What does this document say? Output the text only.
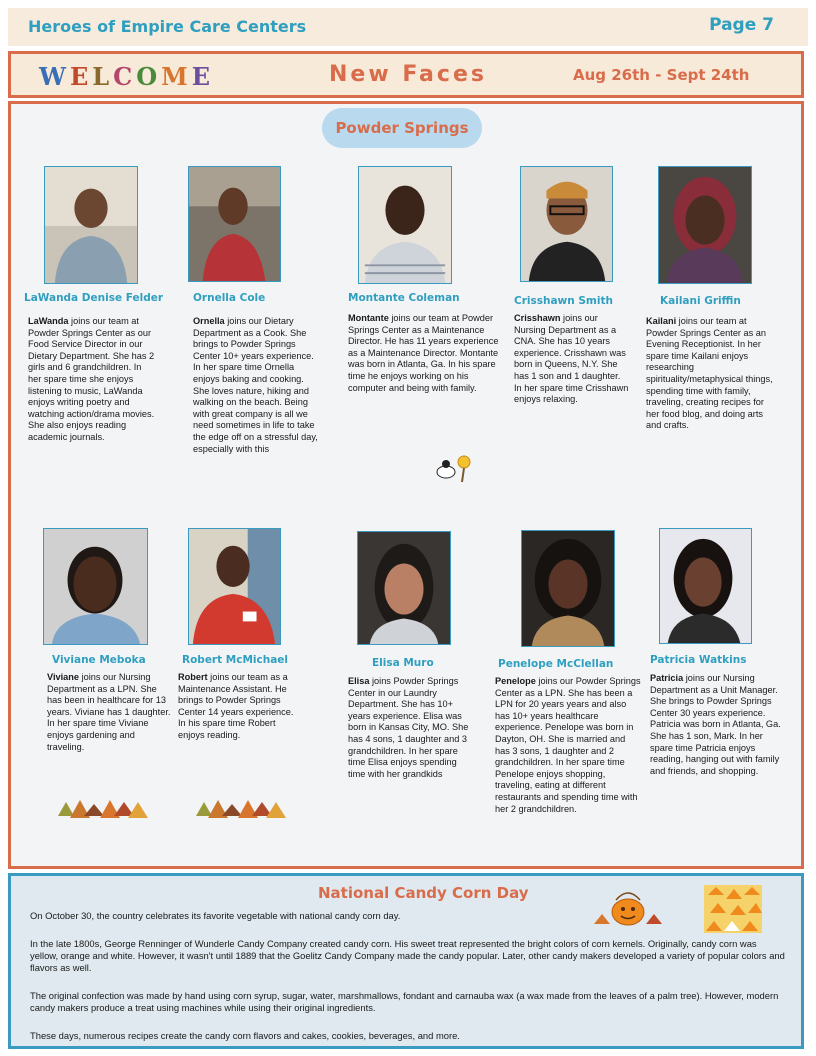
Heroes of Empire Care Centers	Page 7
WELCOME	New Faces	Aug 26th - Sept 24th
Powder Springs
LaWanda Denise Felder	Ornella Cole	Montante Coleman	Crisshawn Smith	Kailani Griffin
LaWanda joins our team at Powder Springs Center as our Food Service Director in our Dietary Department. She has 2 girls and 6 grandchildren. In her spare time she enjoys listening to music, LaWanda enjoys writing poetry and watching action/drama movies. She also enjoys reading academic journals.
Ornella joins our Dietary Department as a Cook. She brings to Powder Springs Center 10+ years experience. In her spare time Ornella enjoys baking and cooking. She loves nature, hiking and walking on the beach. Being with great company is all we need sometimes in life to take the edge off on a stressful day, especially with this
Montante joins our team at Powder Springs Center as a Maintenance Director. He has 11 years experience as a Maintenance Director. Montante was born in Atlanta, Ga. In his spare time he enjoys working on his computer and being with family.
Crisshawn joins our Nursing Department as a CNA. She has 10 years experience. Crisshawn was born in Queens, N.Y. She has 1 son and 1 daughter. In her spare time Crisshawn enjoys relaxing.
Kailani joins our team at Powder Springs Center as an Evening Receptionist. In her spare time Kailani enjoys researching spirituality/metaphysical things, spending time with family, traveling, creating recipes for her food blog, and doing arts and crafts.
Viviane Meboka	Robert McMichael	Elisa Muro	Penelope McClellan	Patricia Watkins
Viviane joins our Nursing Department as a LPN. She has been in healthcare for 13 years. Viviane has 1 daughter. In her spare time Viviane enjoys gardening and traveling.
Robert joins our team as a Maintenance Assistant. He brings to Powder Springs Center 14 years experience. In his spare time Robert enjoys reading.
Elisa joins Powder Springs Center in our Laundry Department. She has 10+ years experience. Elisa was born in Kansas City, MO. She has 4 sons, 1 daughter and 3 grandchildren. In her spare time Elisa enjoys spending time with her grandkids
Penelope joins our Powder Springs Center as a LPN. She has been a LPN for 20 years years and also has 10+ years healthcare experience. Penelope was born in Dayton, OH. She is married and has 3 sons, 1 daughter and 2 grandchildren. In her spare time Penelope enjoys shopping, traveling, eating at different restaurants and spending time with her 2 grandchildren.
Patricia joins our Nursing Department as a Unit Manager. She brings to Powder Springs Center 30 years experience. Patricia was born in Atlanta, Ga. She has 1 son, Mark. In her spare time Patricia enjoys reading, hanging out with family and friends, and shopping.
National Candy Corn Day
On October 30, the country celebrates its favorite vegetable with national candy corn day.
In the late 1800s, George Renninger of Wunderle Candy Company created candy corn. His sweet treat represented the bright colors of corn kernels. Originally, candy corn was yellow, orange and white. However, it wasn't until 1889 that the Goelitz Candy Company made the candy popular. Later, other candy makers developed a variety of popular colors and flavors as well.
The original confection was made by hand using corn syrup, sugar, water, marshmallows, fondant and carnauba wax (a wax made from the leaves of a palm tree). However, modern candy makers produce a treat using machines while using their original ingredients.
These days, numerous recipes create the candy corn flavors and cakes, cookies, beverages, and more.
